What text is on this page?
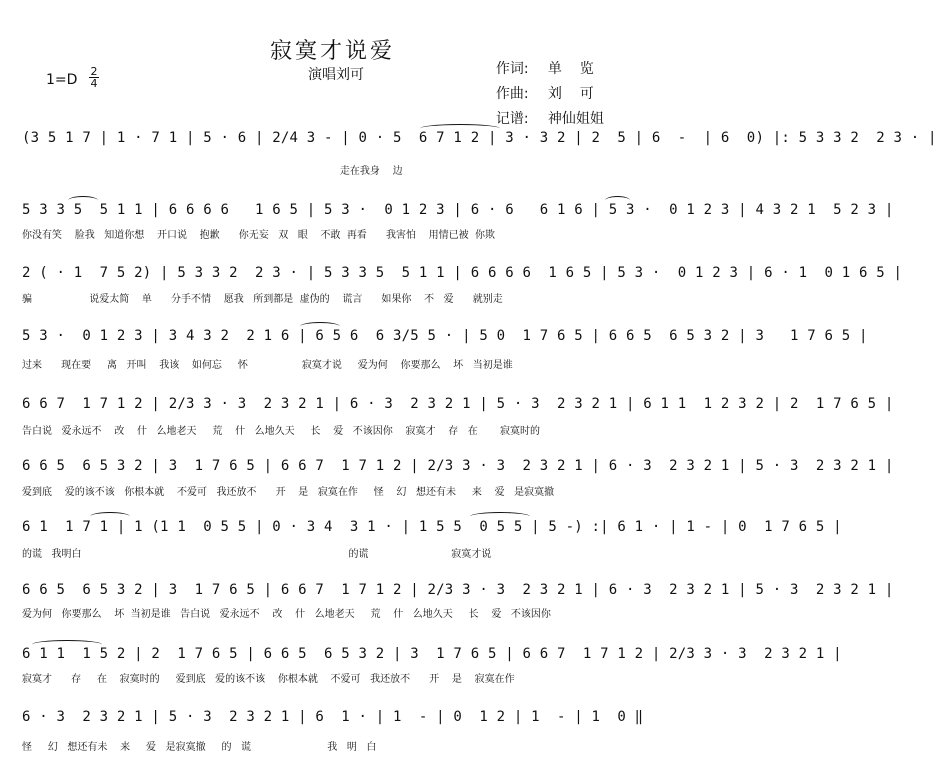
寂寞才说爱
演唱刘可
1=D
2
4

作词: 单    览

作曲: 刘    可

记谱: 神仙姐姐

(3 5 1 7 | 1 · 7 1 | 5 · 6 | 2/4 3 - | 0 · 5  6 7 1 2 | 3 · 3 2 | 2  5 | 6  -  | 6  0) |: 5 3 3 2  2 3 · |
走在我身    边
5 3 3 5  5 1 1 | 6 6 6 6   1 6 5 | 5 3 ·  0 1 2 3 | 6 · 6   6 1 6 | 5 3 ·  0 1 2 3 | 4 3 2 1  5 2 3 |
你没有笑    脸我   知道你想    开口说    抱歉      你无妄   双   眼    不敢  再看      我害怕    用情已被  你欺
2 ( · 1  7 5 2) | 5 3 3 2  2 3 · | 5 3 3 5  5 1 1 | 6 6 6 6  1 6 5 | 5 3 ·  0 1 2 3 | 6 · 1  0 1 6 5 |
骗                  说爱太简    单      分手不情    愿我   所到都是  虚伪的    谎言      如果你    不   爱      就别走
5 3 ·  0 1 2 3 | 3 4 3 2  2 1 6 | 6 5 6  6 3/5 5 · | 5 0  1 7 6 5 | 6 6 5  6 5 3 2 | 3   1 7 6 5 |
过来      现在要     离   开叫    我该    如何忘     怀                 寂寞才说     爱为何    你要那么    坏   当初是谁
6 6 7  1 7 1 2 | 2/3 3 · 3  2 3 2 1 | 6 · 3  2 3 2 1 | 5 · 3  2 3 2 1 | 6 1 1  1 2 3 2 | 2  1 7 6 5 |
告白说   爱永远不    改    什   么地老天     荒    什   么地久天     长    爱   不该因你    寂寞才    存   在       寂寞时的
6 6 5  6 5 3 2 | 3  1 7 6 5 | 6 6 7  1 7 1 2 | 2/3 3 · 3  2 3 2 1 | 6 · 3  2 3 2 1 | 5 · 3  2 3 2 1 |
爱到底    爱的该不该   你根本就    不爱可   我还放不      开    是   寂寞在作     怪    幻   想还有未     来    爱   是寂寞撤
6 1  1 7 1 | 1 (1 1  0 5 5 | 0 · 3 4  3 1 · | 1 5 5  0 5 5 | 5 -) :| 6 1 · | 1 - | 0  1 7 6 5 |
的谎   我明白                                                                                    的谎                          寂寞才说
6 6 5  6 5 3 2 | 3  1 7 6 5 | 6 6 7  1 7 1 2 | 2/3 3 · 3  2 3 2 1 | 6 · 3  2 3 2 1 | 5 · 3  2 3 2 1 |
爱为何   你要那么    坏  当初是谁   告白说   爱永远不    改    什   么地老天     荒    什   么地久天     长    爱   不该因你
6 1 1  1 5 2 | 2  1 7 6 5 | 6 6 5  6 5 3 2 | 3  1 7 6 5 | 6 6 7  1 7 1 2 | 2/3 3 · 3  2 3 2 1 |
寂寞才      存     在    寂寞时的     爱到底   爱的该不该    你根本就    不爱可   我还放不      开    是    寂寞在作
6 · 3  2 3 2 1 | 5 · 3  2 3 2 1 | 6  1 · | 1  - | 0  1 2 | 1  - | 1  0 ‖
怪     幻   想还有未    来     爱   是寂寞撤     的   谎                        我   明   白
